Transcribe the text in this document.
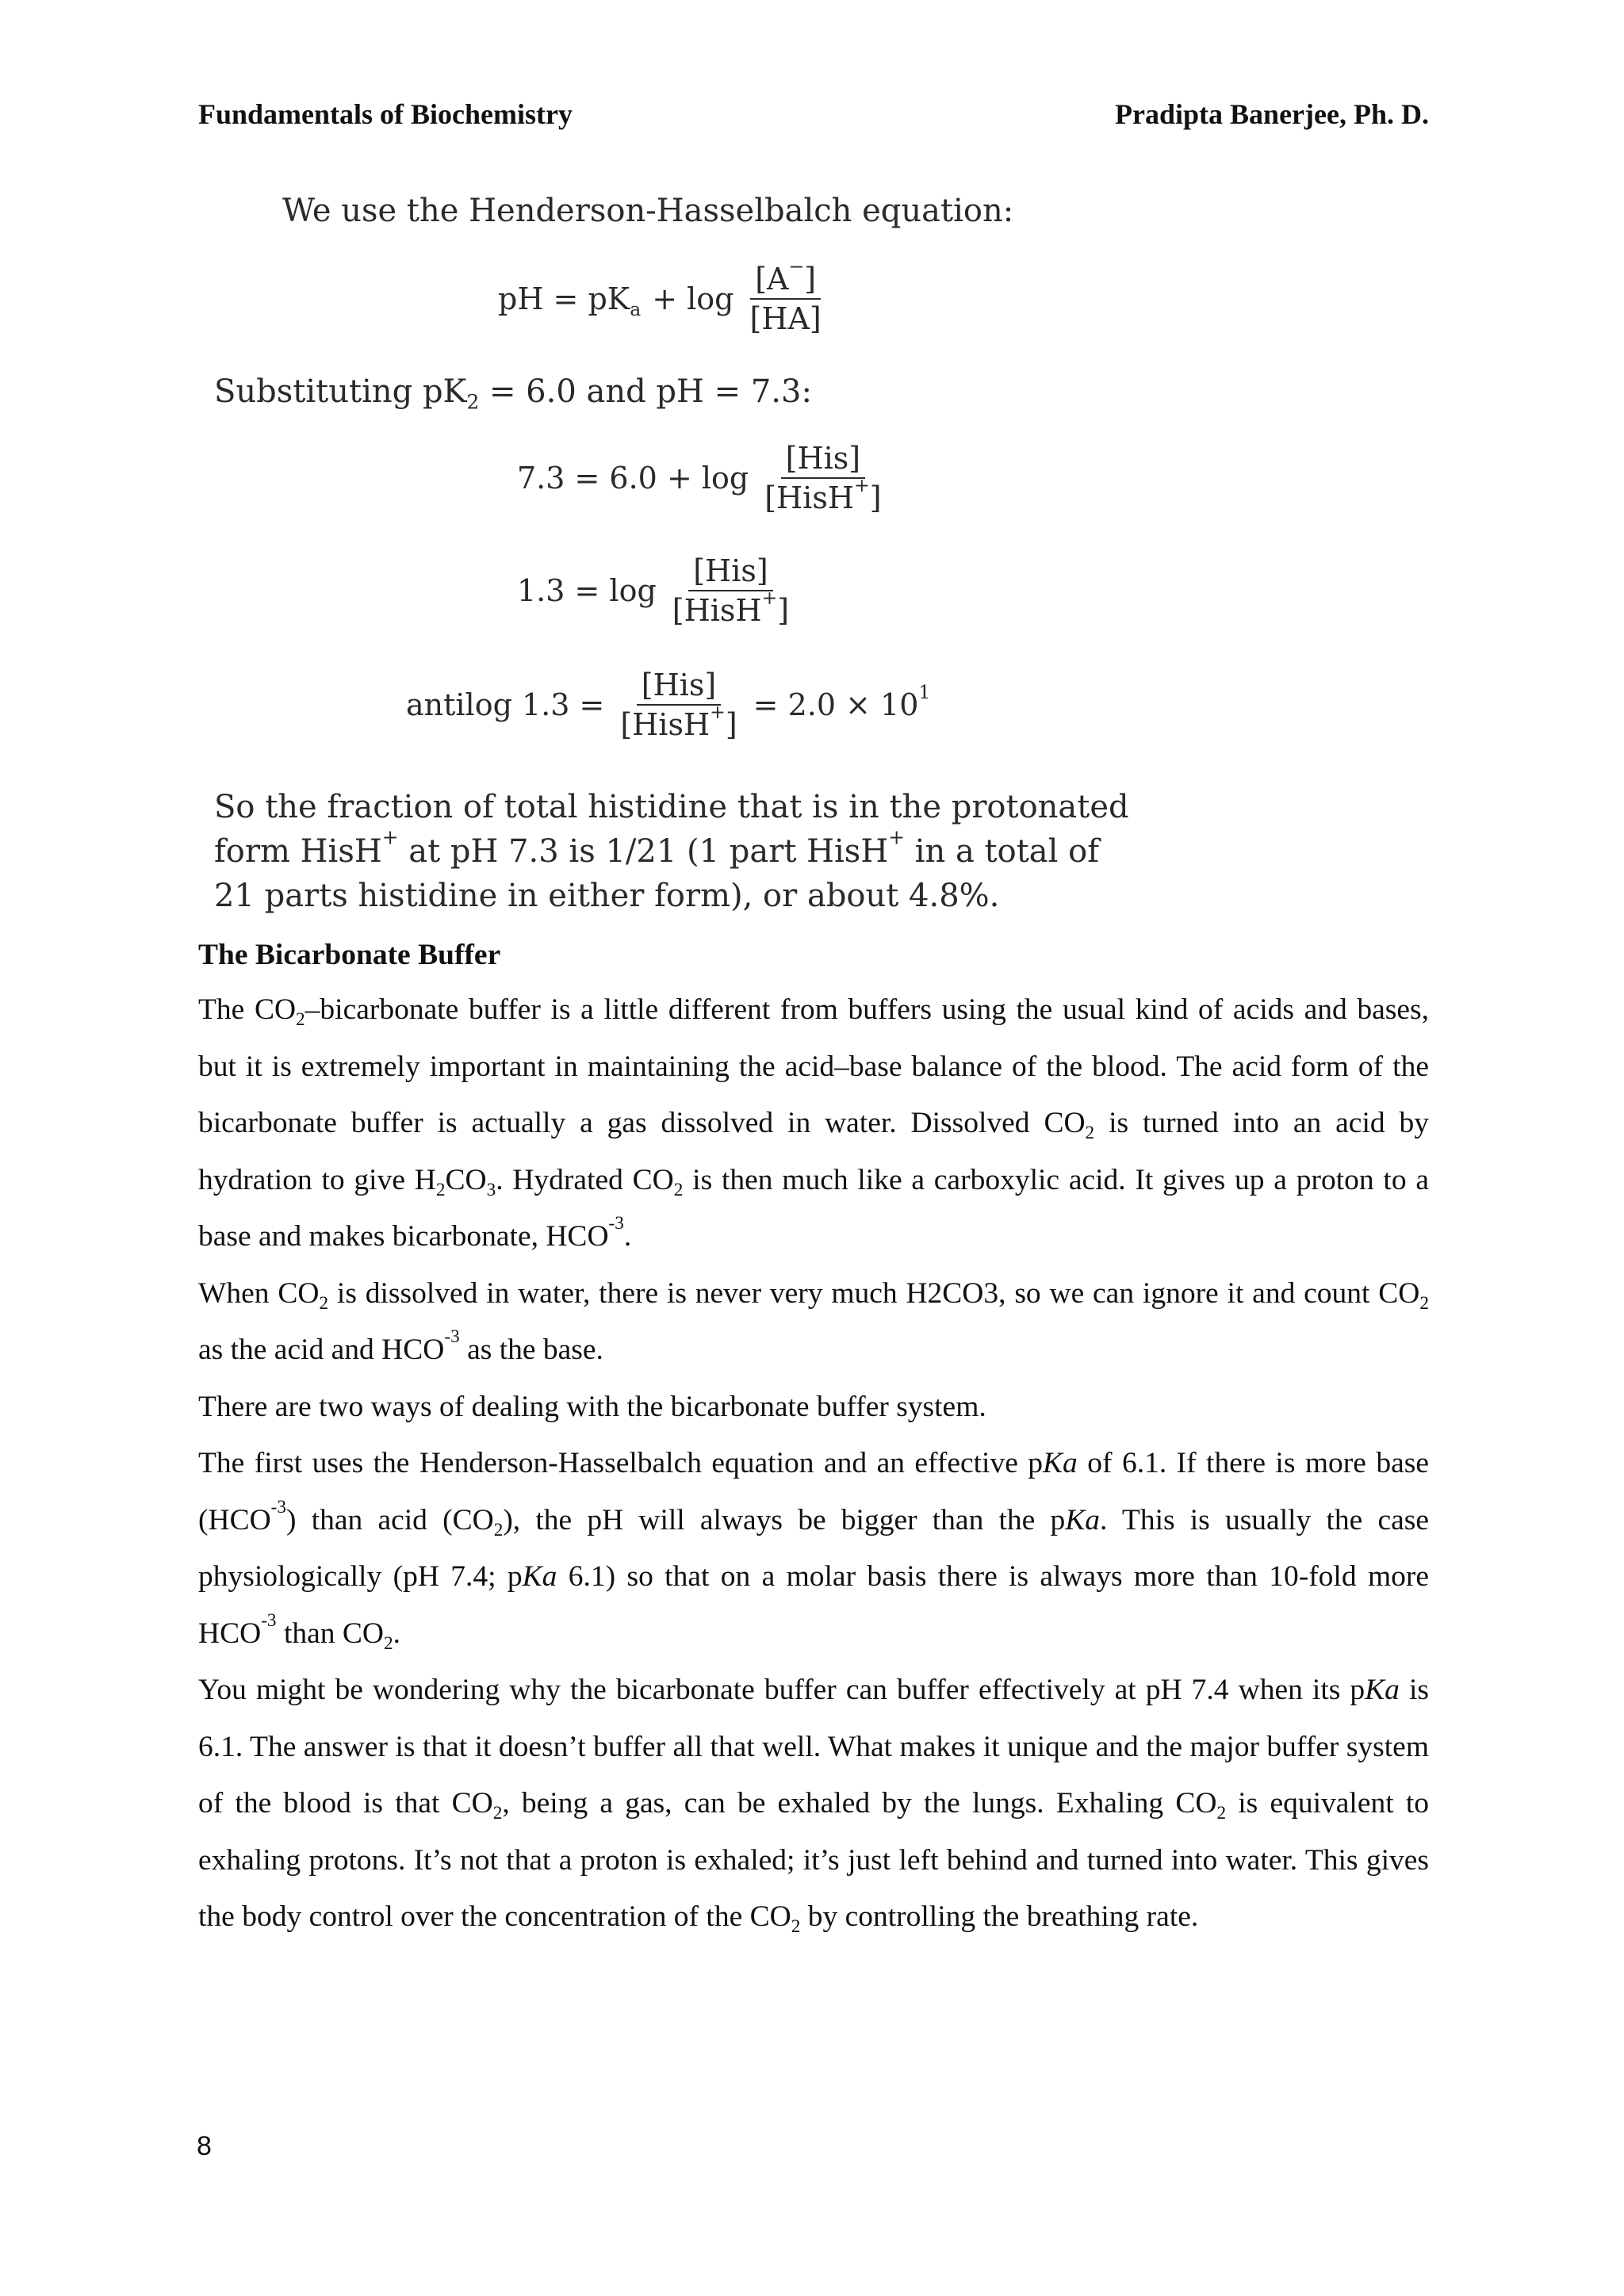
Fundamentals of Biochemistry	Pradipta Banerjee, Ph. D.
We use the Henderson-Hasselbalch equation:
pH = $pK_a + \log \frac{[A^-]}{[HA]}$
Substituting $pK_2 = 6.0$ and pH = 7.3:
$7.3 = 6.0 + \log \frac{\text{[His]}}{[HisH^+]}$
$1.3 = \log \frac{\text{[His]}}{[HisH^+]}$
antilog $1.3 = \frac{\text{[His]}}{[HisH^+]} = 2.0 \times 10^1$
So the fraction of total histidine that is in the protonated
form HisH+ at pH 7.3 is 1/21 (1 part HisH+ in a total of
21 parts histidine in either form), or about 4.8%.
The Bicarbonate Buffer

The $CO_2$–bicarbonate buffer is a little different from buffers using the usual kind of acids and bases, but it is extremely important in maintaining the acid–base balance of the blood. The acid form of the bicarbonate buffer is actually a gas dissolved in water. Dissolved $CO_2$ is turned into an acid by hydration to give $H_2CO_3$. Hydrated $CO_2$ is then much like a carboxylic acid. It gives up a proton to a base and makes bicarbonate, $HCO^{-3}$.

When $CO_2$ is dissolved in water, there is never very much H2CO3, so we can ignore it and count $CO_2$ as the acid and $HCO^{-3}$ as the base.

There are two ways of dealing with the bicarbonate buffer system.

The first uses the Henderson-Hasselbalch equation and an effective pKa of 6.1. If there is more base $(HCO^{-3})$ than acid $(CO_2)$, the pH will always be bigger than the pKa. This is usually the case physiologically (pH 7.4; pKa 6.1) so that on a molar basis there is always more than 10-fold more $HCO^{-3}$ than $CO_2$.

You might be wondering why the bicarbonate buffer can buffer effectively at pH 7.4 when its pKa is 6.1. The answer is that it doesn’t buffer all that well. What makes it unique and the major buffer system of the blood is that $CO_2$, being a gas, can be exhaled by the lungs. Exhaling $CO_2$ is equivalent to exhaling protons. It’s not that a proton is exhaled; it’s just left behind and turned into water. This gives the body control over the concentration of the $CO_2$ by controlling the breathing rate.

8
